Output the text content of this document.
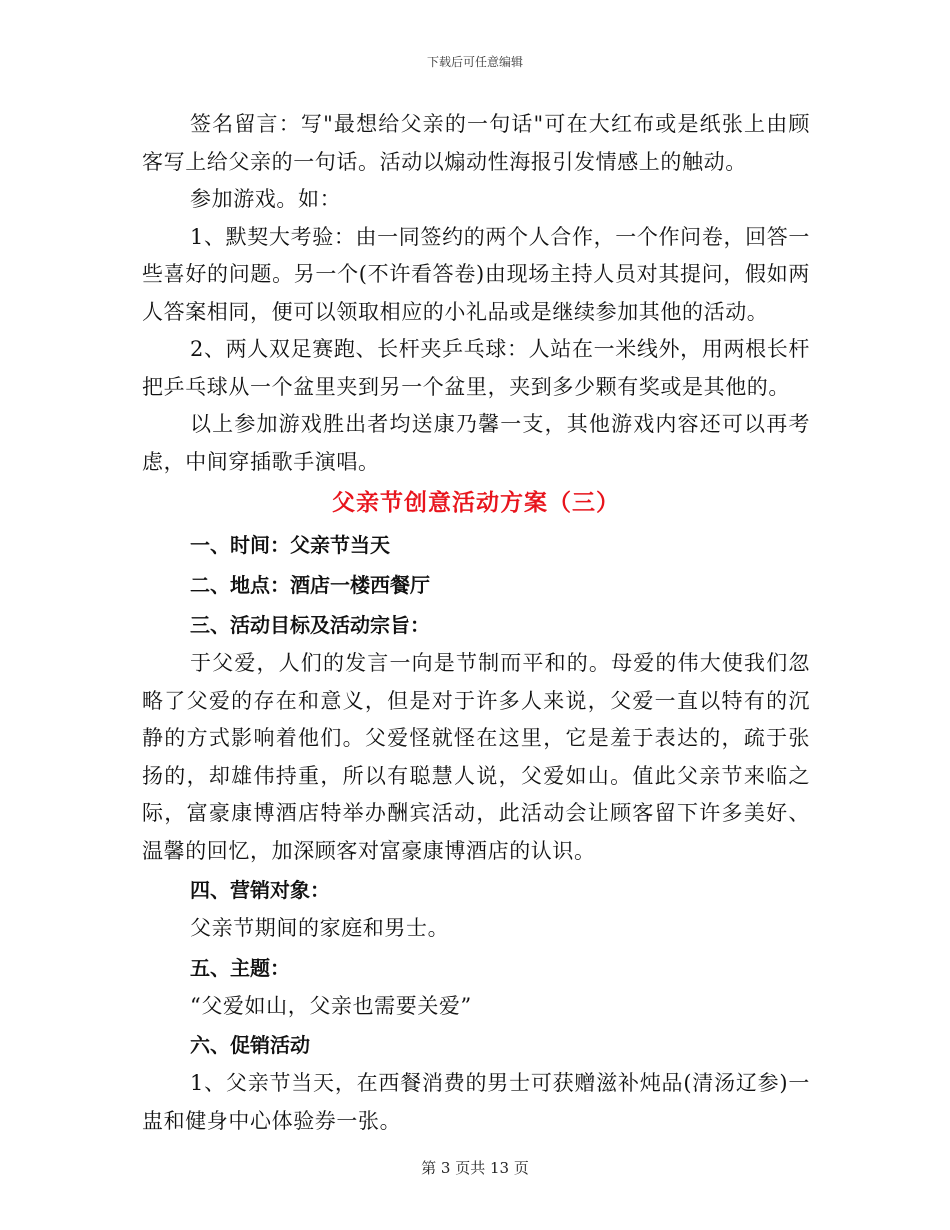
下载后可任意编辑

签名留言：写"最想给父亲的一句话"可在大红布或是纸张上由顾客写上给父亲的一句话。活动以煽动性海报引发情感上的触动。

参加游戏。如：

1、默契大考验：由一同签约的两个人合作，一个作问卷，回答一些喜好的问题。另一个(不许看答卷)由现场主持人员对其提问，假如两人答案相同，便可以领取相应的小礼品或是继续参加其他的活动。

2、两人双足赛跑、长杆夹乒乓球：人站在一米线外，用两根长杆把乒乓球从一个盆里夹到另一个盆里，夹到多少颗有奖或是其他的。

以上参加游戏胜出者均送康乃馨一支，其他游戏内容还可以再考虑，中间穿插歌手演唱。

父亲节创意活动方案（三）

一、时间：父亲节当天

二、地点：酒店一楼西餐厅

三、活动目标及活动宗旨：

于父爱，人们的发言一向是节制而平和的。母爱的伟大使我们忽略了父爱的存在和意义，但是对于许多人来说，父爱一直以特有的沉静的方式影响着他们。父爱怪就怪在这里，它是羞于表达的，疏于张扬的，却雄伟持重，所以有聪慧人说，父爱如山。值此父亲节来临之际，富豪康博酒店特举办酬宾活动，此活动会让顾客留下许多美好、温馨的回忆，加深顾客对富豪康博酒店的认识。

四、营销对象：

父亲节期间的家庭和男士。

五、主题：

“父爱如山，父亲也需要关爱”

六、促销活动

1、父亲节当天，在西餐消费的男士可获赠滋补炖品(清汤辽参)一盅和健身中心体验券一张。

第 3 页共 13 页
